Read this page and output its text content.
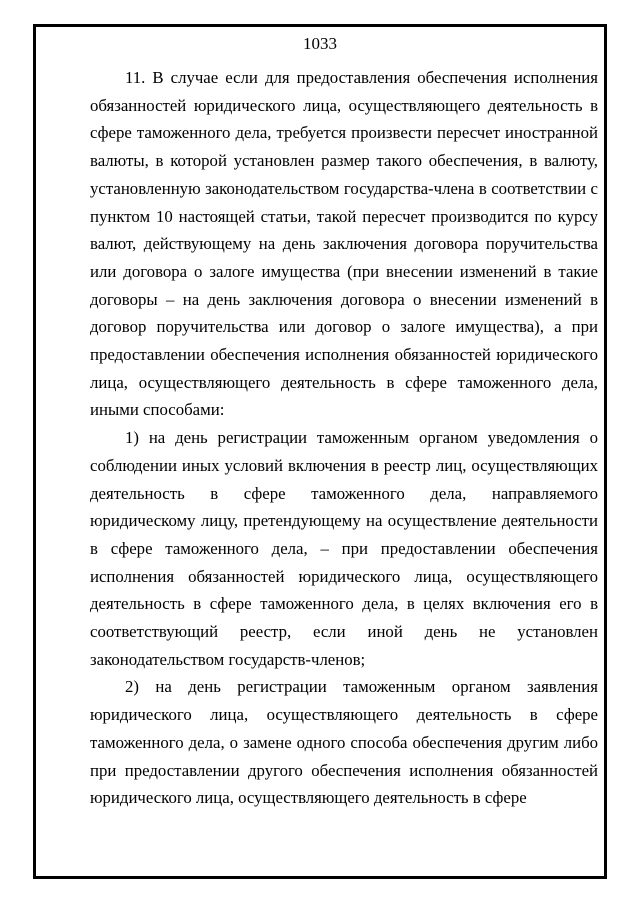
1033

11. В случае если для предоставления обеспечения исполнения обязанностей юридического лица, осуществляющего деятельность в сфере таможенного дела, требуется произвести пересчет иностранной валюты, в которой установлен размер такого обеспечения, в валюту, установленную законодательством государства-члена в соответствии с пунктом 10 настоящей статьи, такой пересчет производится по курсу валют, действующему на день заключения договора поручительства или договора о залоге имущества (при внесении изменений в такие договоры – на день заключения договора о внесении изменений в договор поручительства или договор о залоге имущества), а при предоставлении обеспечения исполнения обязанностей юридического лица, осуществляющего деятельность в сфере таможенного дела, иными способами:

1) на день регистрации таможенным органом уведомления о соблюдении иных условий включения в реестр лиц, осуществляющих деятельность в сфере таможенного дела, направляемого юридическому лицу, претендующему на осуществление деятельности в сфере таможенного дела, – при предоставлении обеспечения исполнения обязанностей юридического лица, осуществляющего деятельность в сфере таможенного дела, в целях включения его в соответствующий реестр, если иной день не установлен законодательством государств-членов;

2) на день регистрации таможенным органом заявления юридического лица, осуществляющего деятельность в сфере таможенного дела, о замене одного способа обеспечения другим либо при предоставлении другого обеспечения исполнения обязанностей юридического лица, осуществляющего деятельность в сфере
